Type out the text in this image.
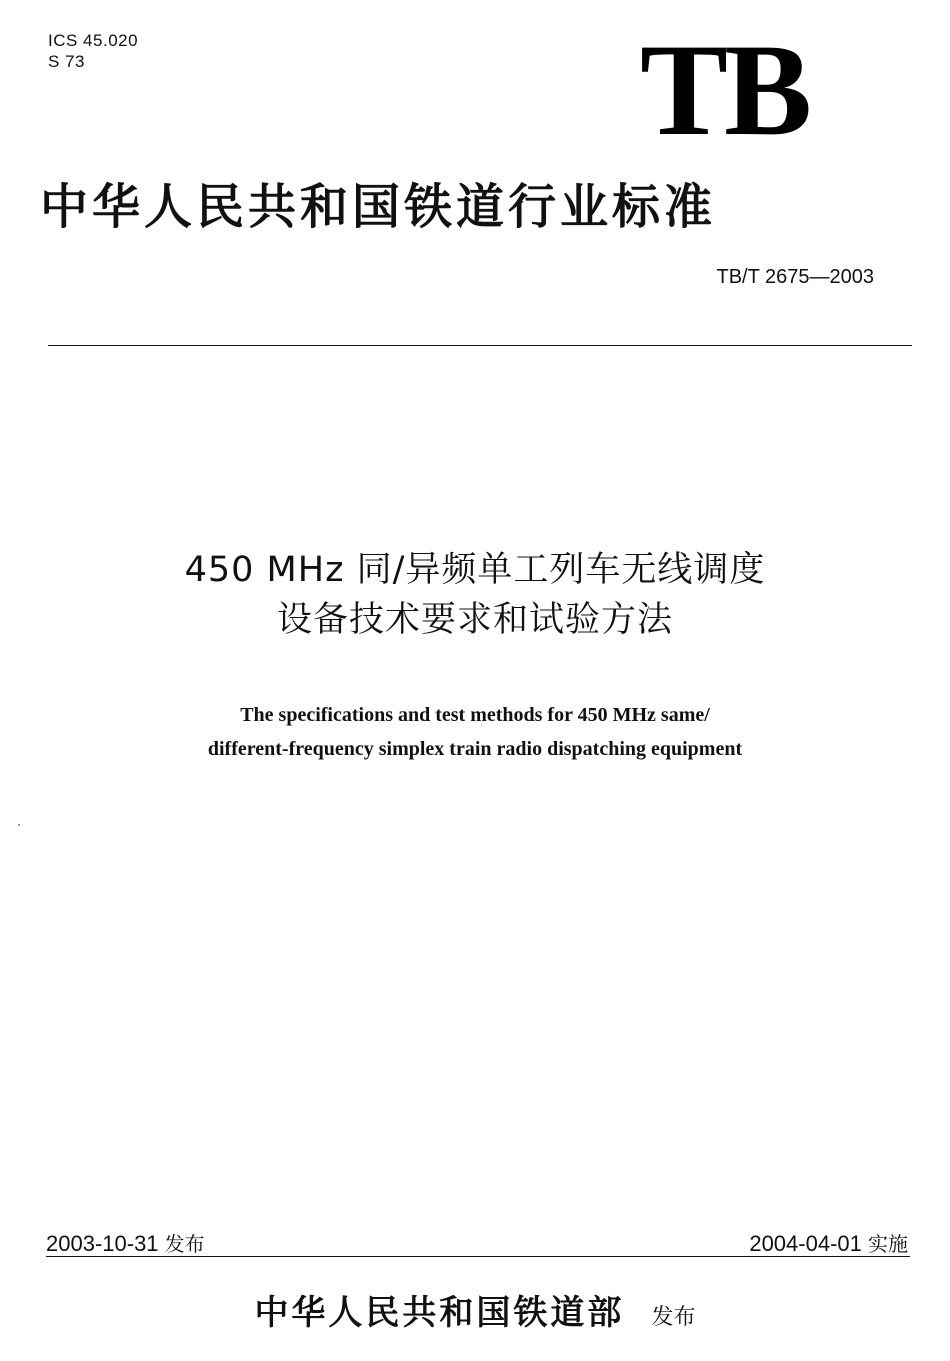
ICS 45.020
S 73	TB
中华人民共和国铁道行业标准
TB/T 2675—2003
450 MHz 同/异频单工列车无线调度
设备技术要求和试验方法
The specifications and test methods for 450 MHz same/
different-frequency simplex train radio dispatching equipment
2003-10-31 发布	2004-04-01 实施
中华人民共和国铁道部 发布
